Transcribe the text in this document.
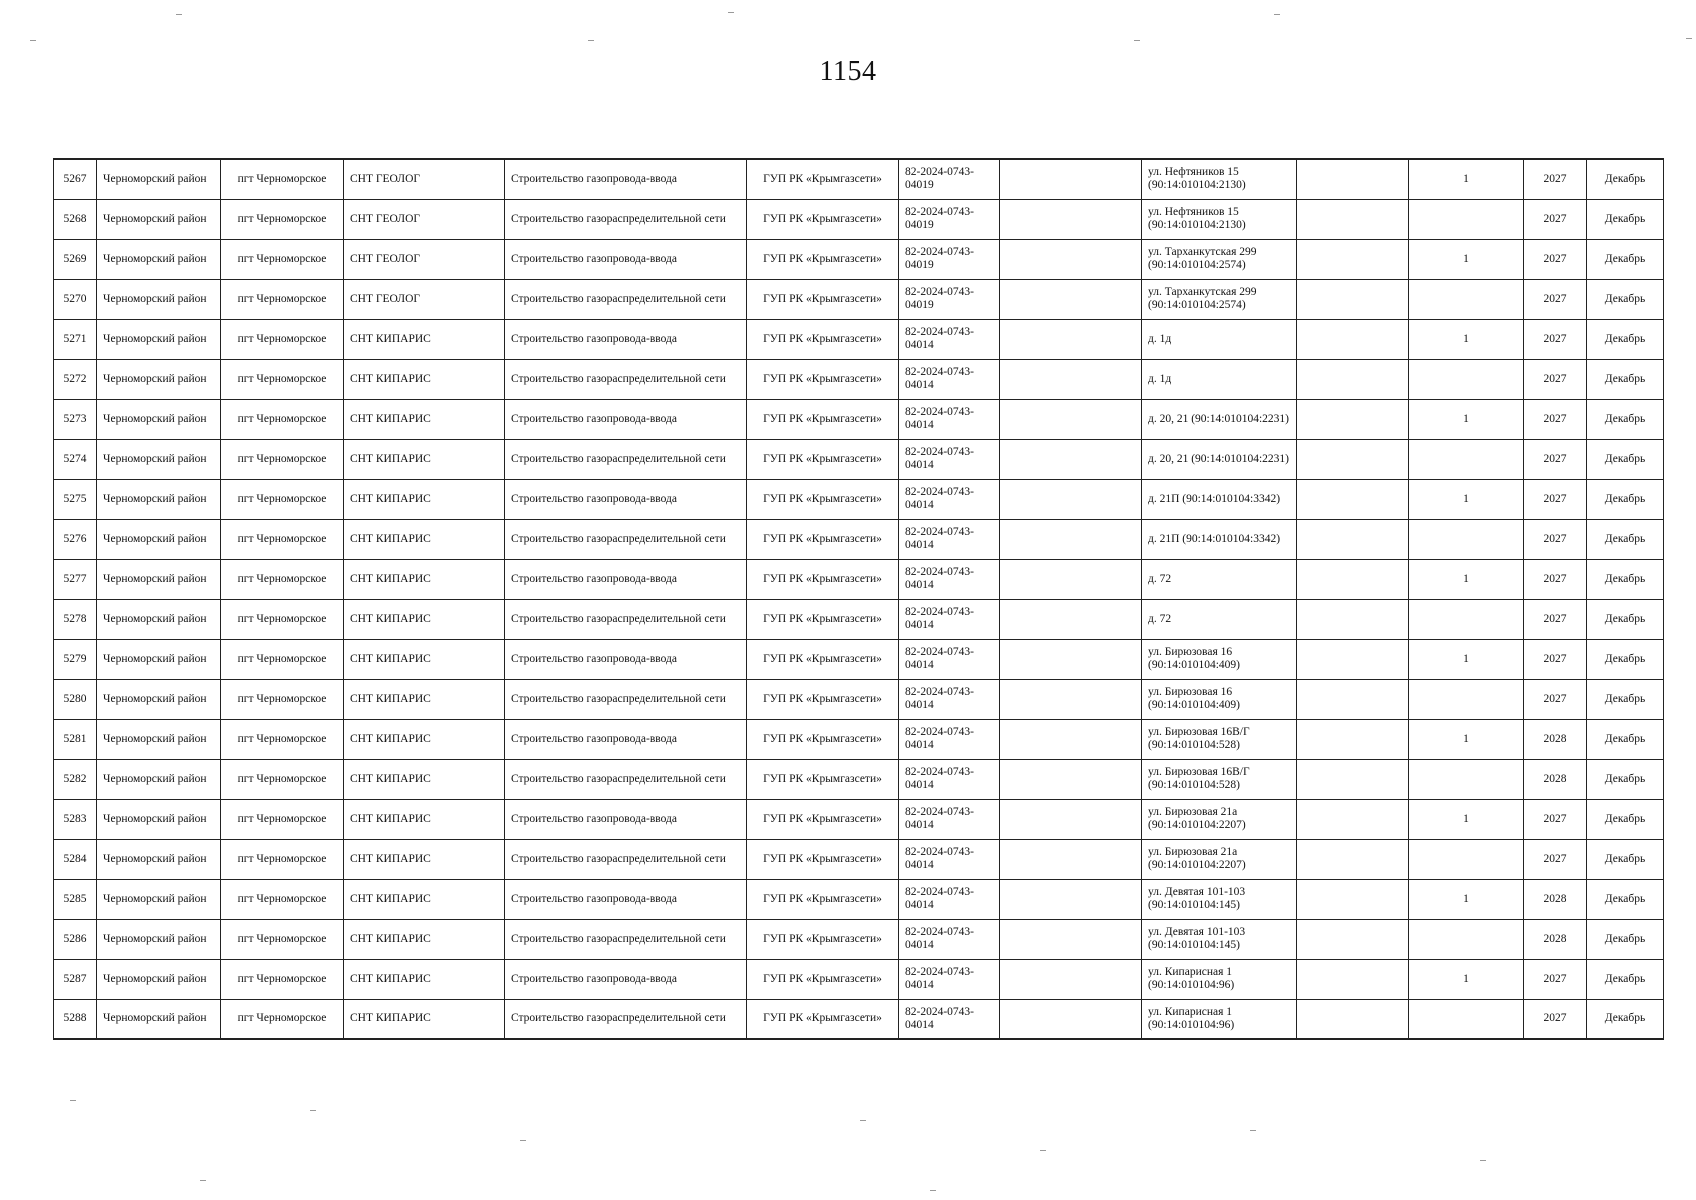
1154
5267	Черноморский район	пгт Черноморское	СНТ ГЕОЛОГ	Строительство газопровода-ввода	ГУП РК «Крымгазсети»	82-2024-0743-04019		ул. Нефтяников 15 (90:14:010104:2130)		1	2027	Декабрь
5268	Черноморский район	пгт Черноморское	СНТ ГЕОЛОГ	Строительство газораспределительной сети	ГУП РК «Крымгазсети»	82-2024-0743-04019		ул. Нефтяников 15 (90:14:010104:2130)			2027	Декабрь
5269	Черноморский район	пгт Черноморское	СНТ ГЕОЛОГ	Строительство газопровода-ввода	ГУП РК «Крымгазсети»	82-2024-0743-04019		ул. Тарханкутская 299 (90:14:010104:2574)		1	2027	Декабрь
5270	Черноморский район	пгт Черноморское	СНТ ГЕОЛОГ	Строительство газораспределительной сети	ГУП РК «Крымгазсети»	82-2024-0743-04019		ул. Тарханкутская 299 (90:14:010104:2574)			2027	Декабрь
5271	Черноморский район	пгт Черноморское	СНТ КИПАРИС	Строительство газопровода-ввода	ГУП РК «Крымгазсети»	82-2024-0743-04014		д. 1д		1	2027	Декабрь
5272	Черноморский район	пгт Черноморское	СНТ КИПАРИС	Строительство газораспределительной сети	ГУП РК «Крымгазсети»	82-2024-0743-04014		д. 1д			2027	Декабрь
5273	Черноморский район	пгт Черноморское	СНТ КИПАРИС	Строительство газопровода-ввода	ГУП РК «Крымгазсети»	82-2024-0743-04014		д. 20, 21 (90:14:010104:2231)		1	2027	Декабрь
5274	Черноморский район	пгт Черноморское	СНТ КИПАРИС	Строительство газораспределительной сети	ГУП РК «Крымгазсети»	82-2024-0743-04014		д. 20, 21 (90:14:010104:2231)			2027	Декабрь
5275	Черноморский район	пгт Черноморское	СНТ КИПАРИС	Строительство газопровода-ввода	ГУП РК «Крымгазсети»	82-2024-0743-04014		д. 21П (90:14:010104:3342)		1	2027	Декабрь
5276	Черноморский район	пгт Черноморское	СНТ КИПАРИС	Строительство газораспределительной сети	ГУП РК «Крымгазсети»	82-2024-0743-04014		д. 21П (90:14:010104:3342)			2027	Декабрь
5277	Черноморский район	пгт Черноморское	СНТ КИПАРИС	Строительство газопровода-ввода	ГУП РК «Крымгазсети»	82-2024-0743-04014		д. 72		1	2027	Декабрь
5278	Черноморский район	пгт Черноморское	СНТ КИПАРИС	Строительство газораспределительной сети	ГУП РК «Крымгазсети»	82-2024-0743-04014		д. 72			2027	Декабрь
5279	Черноморский район	пгт Черноморское	СНТ КИПАРИС	Строительство газопровода-ввода	ГУП РК «Крымгазсети»	82-2024-0743-04014		ул. Бирюзовая 16 (90:14:010104:409)		1	2027	Декабрь
5280	Черноморский район	пгт Черноморское	СНТ КИПАРИС	Строительство газораспределительной сети	ГУП РК «Крымгазсети»	82-2024-0743-04014		ул. Бирюзовая 16 (90:14:010104:409)			2027	Декабрь
5281	Черноморский район	пгт Черноморское	СНТ КИПАРИС	Строительство газопровода-ввода	ГУП РК «Крымгазсети»	82-2024-0743-04014		ул. Бирюзовая 16В/Г (90:14:010104:528)		1	2028	Декабрь
5282	Черноморский район	пгт Черноморское	СНТ КИПАРИС	Строительство газораспределительной сети	ГУП РК «Крымгазсети»	82-2024-0743-04014		ул. Бирюзовая 16В/Г (90:14:010104:528)			2028	Декабрь
5283	Черноморский район	пгт Черноморское	СНТ КИПАРИС	Строительство газопровода-ввода	ГУП РК «Крымгазсети»	82-2024-0743-04014		ул. Бирюзовая 21а (90:14:010104:2207)		1	2027	Декабрь
5284	Черноморский район	пгт Черноморское	СНТ КИПАРИС	Строительство газораспределительной сети	ГУП РК «Крымгазсети»	82-2024-0743-04014		ул. Бирюзовая 21а (90:14:010104:2207)			2027	Декабрь
5285	Черноморский район	пгт Черноморское	СНТ КИПАРИС	Строительство газопровода-ввода	ГУП РК «Крымгазсети»	82-2024-0743-04014		ул. Девятая 101-103 (90:14:010104:145)		1	2028	Декабрь
5286	Черноморский район	пгт Черноморское	СНТ КИПАРИС	Строительство газораспределительной сети	ГУП РК «Крымгазсети»	82-2024-0743-04014		ул. Девятая 101-103 (90:14:010104:145)			2028	Декабрь
5287	Черноморский район	пгт Черноморское	СНТ КИПАРИС	Строительство газопровода-ввода	ГУП РК «Крымгазсети»	82-2024-0743-04014		ул. Кипарисная 1 (90:14:010104:96)		1	2027	Декабрь
5288	Черноморский район	пгт Черноморское	СНТ КИПАРИС	Строительство газораспределительной сети	ГУП РК «Крымгазсети»	82-2024-0743-04014		ул. Кипарисная 1 (90:14:010104:96)			2027	Декабрь
